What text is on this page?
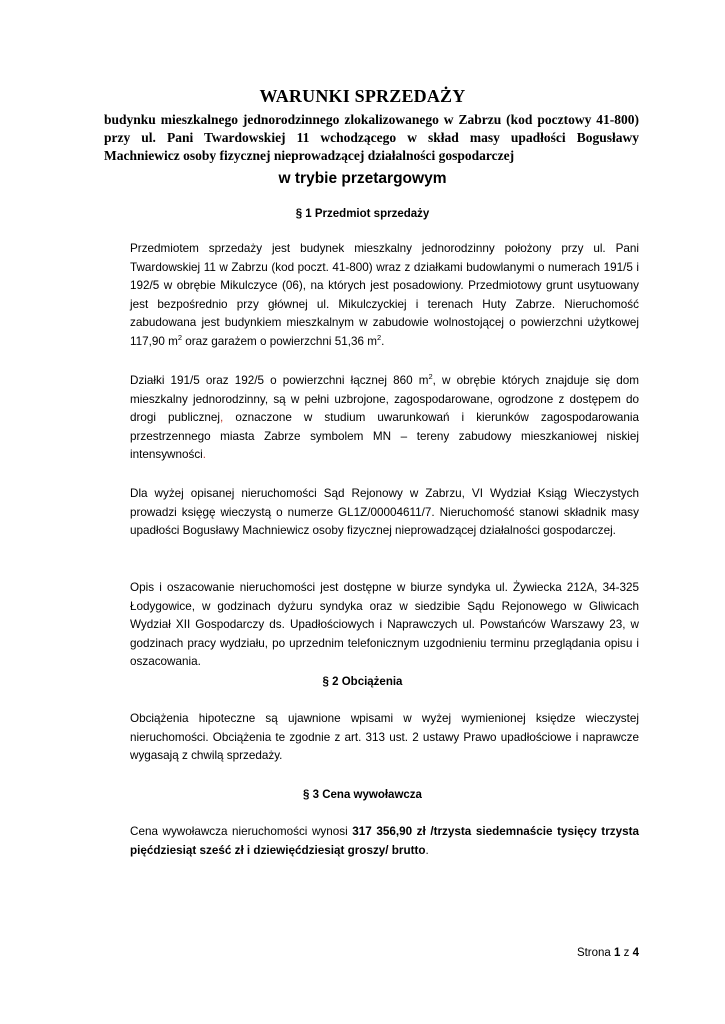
WARUNKI SPRZEDAŻY
budynku mieszkalnego jednorodzinnego zlokalizowanego w Zabrzu (kod pocztowy 41-800) przy ul. Pani Twardowskiej 11 wchodzącego w skład masy upadłości Bogusławy Machniewicz osoby fizycznej nieprowadzącej działalności gospodarczej
w trybie przetargowym
§ 1 Przedmiot sprzedaży
Przedmiotem sprzedaży jest budynek mieszkalny jednorodzinny położony przy ul. Pani Twardowskiej 11 w Zabrzu (kod poczt. 41-800) wraz z działkami budowlanymi o numerach 191/5 i 192/5 w obrębie Mikulczyce (06), na których jest posadowiony. Przedmiotowy grunt usytuowany jest bezpośrednio przy głównej ul. Mikulczyckiej i terenach Huty Zabrze. Nieruchomość zabudowana jest budynkiem mieszkalnym w zabudowie wolnostojącej o powierzchni użytkowej 117,90 $m^2$ oraz garażem o powierzchni 51,36 $m^2$.
Działki 191/5 oraz 192/5 o powierzchni łącznej 860 $m^2$, w obrębie których znajduje się dom mieszkalny jednorodzinny, są w pełni uzbrojone, zagospodarowane, ogrodzone z dostępem do drogi publicznej, oznaczone w studium uwarunkowań i kierunków zagospodarowania przestrzennego miasta Zabrze symbolem MN – tereny zabudowy mieszkaniowej niskiej intensywności.
Dla wyżej opisanej nieruchomości Sąd Rejonowy w Zabrzu, VI Wydział Ksiąg Wieczystych prowadzi księgę wieczystą o numerze GL1Z/00004611/7. Nieruchomość stanowi składnik masy upadłości Bogusławy Machniewicz osoby fizycznej nieprowadzącej działalności gospodarczej.
Opis i oszacowanie nieruchomości jest dostępne w biurze syndyka ul. Żywiecka 212A, 34-325 Łodygowice, w godzinach dyżuru syndyka oraz w siedzibie Sądu Rejonowego w Gliwicach Wydział XII Gospodarczy ds. Upadłościowych i Naprawczych ul. Powstańców Warszawy 23, w godzinach pracy wydziału, po uprzednim telefonicznym uzgodnieniu terminu przeglądania opisu i oszacowania.
§ 2 Obciążenia
Obciążenia hipoteczne są ujawnione wpisami w wyżej wymienionej księdze wieczystej nieruchomości. Obciążenia te zgodnie z art. 313 ust. 2 ustawy Prawo upadłościowe i naprawcze wygasają z chwilą sprzedaży.
§ 3 Cena wywoławcza
Cena wywoławcza nieruchomości wynosi 317 356,90 zł /trzysta siedemnaście tysięcy trzysta pięćdziesiąt sześć zł i dziewięćdziesiąt groszy/ brutto.
Strona 1 z 4
